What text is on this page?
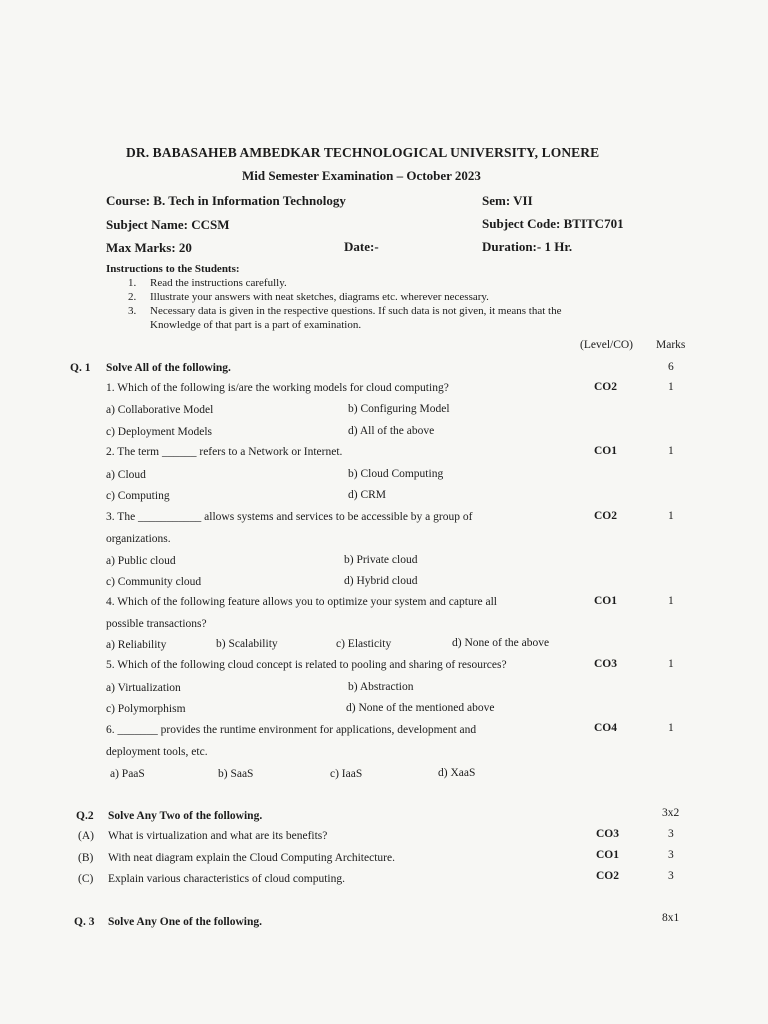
DR. BABASAHEB AMBEDKAR TECHNOLOGICAL UNIVERSITY, LONERE
Mid Semester Examination – October 2023
Course: B. Tech in Information Technology	Sem: VII
Subject Name: CCSM	Subject Code: BTITC701
Max Marks: 20	Date:-	Duration:- 1 Hr.
Instructions to the Students:
1. Read the instructions carefully.
2. Illustrate your answers with neat sketches, diagrams etc. wherever necessary.
3. Necessary data is given in the respective questions. If such data is not given, it means that the
Knowledge of that part is a part of examination.
(Level/CO) Marks
Q. 1 Solve All of the following.	6
1. Which of the following is/are the working models for cloud computing?	CO2	1
a) Collaborative Model	b) Configuring Model
c) Deployment Models	d) All of the above
2. The term ______ refers to a Network or Internet.	CO1	1
a) Cloud	b) Cloud Computing
c) Computing	d) CRM
3. The ___________ allows systems and services to be accessible by a group of	CO2	1
organizations.
a) Public cloud	b) Private cloud
c) Community cloud	d) Hybrid cloud
4. Which of the following feature allows you to optimize your system and capture all	CO1	1
possible transactions?
a) Reliability	b) Scalability	c) Elasticity	d) None of the above
5. Which of the following cloud concept is related to pooling and sharing of resources?	CO3	1
a) Virtualization	b) Abstraction
c) Polymorphism	d) None of the mentioned above
6. _______ provides the runtime environment for applications, development and	CO4	1
deployment tools, etc.
a) PaaS	b) SaaS	c) IaaS	d) XaaS
Q.2 Solve Any Two of the following.	3x2
(A) What is virtualization and what are its benefits?	CO3	3
(B) With neat diagram explain the Cloud Computing Architecture.	CO1	3
(C) Explain various characteristics of cloud computing.	CO2	3
Q. 3 Solve Any One of the following.	8x1
